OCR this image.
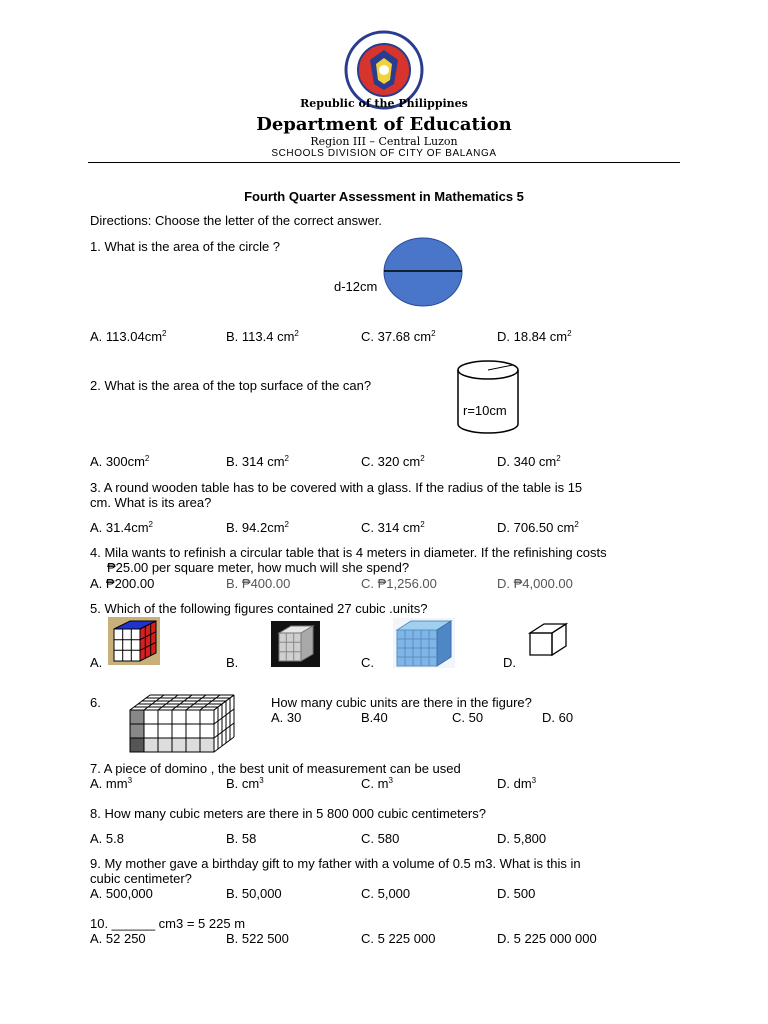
Republic of the Philippines
Department of Education
Region III – Central Luzon
SCHOOLS DIVISION OF CITY OF BALANGA
Fourth Quarter Assessment in Mathematics 5
Directions: Choose the letter of the correct answer.
1. What is the area of the circle ?
d-12cm
A. $113.04cm^2$	B. 113.4 $cm^2$	C. 37.68 $cm^2$	D. 18.84 $cm^2$
2. What is the area of the top surface of the can?
r=10cm
A. $300cm^2$	B. 314 $cm^2$	C. 320 $cm^2$	D. 340 $cm^2$
3. A round wooden table has to be covered with a glass. If the radius of the table is 15
cm. What is its area?
A. $31.4cm^2$	B. $94.2cm^2$	C. 314 $cm^2$	D. 706.50 $cm^2$
4. Mila wants to refinish a circular table that is 4 meters in diameter. If the refinishing costs
₱25.00 per square meter, how much will she spend?
A. ₱200.00	B. ₱400.00	C. ₱1,256.00	D. ₱4,000.00
5. Which of the following figures contained 27 cubic .units?
A.	B.	C.	D.
6.	How many cubic units are there in the figure?
A. 30	B.40	C. 50	D. 60
7. A piece of domino , the best unit of measurement can be used
A. $mm^3$	B. $cm^3$	C. $m^3$	D. $dm^3$
8. How many cubic meters are there in 5 800 000 cubic centimeters?
A. 5.8	B. 58	C. 580	D. 5,800
9. My mother gave a birthday gift to my father with a volume of 0.5 m3. What is this in
cubic centimeter?
A. 500,000	B. 50,000	C. 5,000	D. 500
10. ______ cm3 = 5 225 m
A. 52 250	B. 522 500	C. 5 225 000	D. 5 225 000 000
